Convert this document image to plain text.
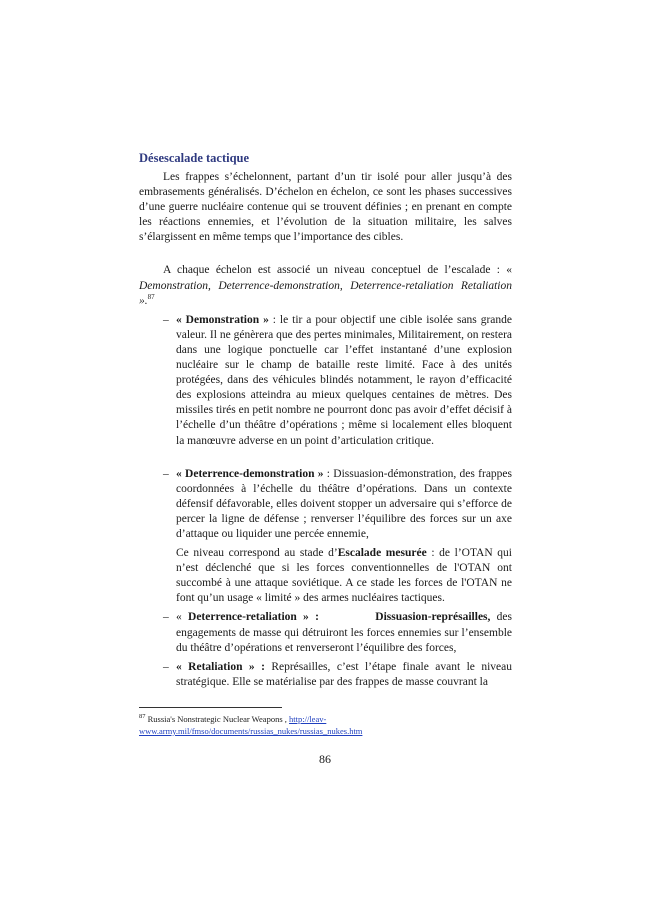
Désescalade tactique

Les frappes s’échelonnent, partant d’un tir isolé pour aller jusqu’à des embrasements généralisés. D’échelon en échelon, ce sont les phases successives d’une guerre nucléaire contenue qui se trouvent définies ; en prenant en compte les réactions ennemies, et l’évolution de la situation militaire, les salves s’élargissent en même temps que l’importance des cibles.

A chaque échelon est associé un niveau conceptuel de l’escalade : « Demonstration, Deterrence-demonstration, Deterrence-retaliation Retaliation ».$^{87}$

– « Demonstration » : le tir a pour objectif une cible isolée sans grande valeur. Il ne génèrera que des pertes minimales, Militairement, on restera dans une logique ponctuelle car l’effet instantané d’une explosion nucléaire sur le champ de bataille reste limité. Face à des unités protégées, dans des véhicules blindés notamment, le rayon d’efficacité des explosions atteindra au mieux quelques centaines de mètres. Des missiles tirés en petit nombre ne pourront donc pas avoir d’effet décisif à l’échelle d’un théâtre d’opérations ; même si localement elles bloquent la manœuvre adverse en un point d’articulation critique.

– « Deterrence-demonstration » : Dissuasion-démonstration, des frappes coordonnées à l’échelle du théâtre d’opérations. Dans un contexte défensif défavorable, elles doivent stopper un adversaire qui s’efforce de percer la ligne de défense ; renverser l’équilibre des forces sur un axe d’attaque ou liquider une percée ennemie,

Ce niveau correspond au stade d’Escalade mesurée : de l’OTAN qui n’est déclenché que si les forces conventionnelles de l'OTAN ont succombé à une attaque soviétique. A ce stade les forces de l'OTAN ne font qu’un usage « limité » des armes nucléaires tactiques.

– « Deterrence-retaliation » :	Dissuasion-représailles, des engagements de masse qui détruiront les forces ennemies sur l’ensemble du théâtre d’opérations et renverseront l’équilibre des forces,

– « Retaliation » : Représailles, c’est l’étape finale avant le niveau stratégique. Elle se matérialise par des frappes de masse couvrant la

$^{87}$ Russia's Nonstrategic Nuclear Weapons , http://leav-www.army.mil/fmso/documents/russias_nukes/russias_nukes.htm
86
